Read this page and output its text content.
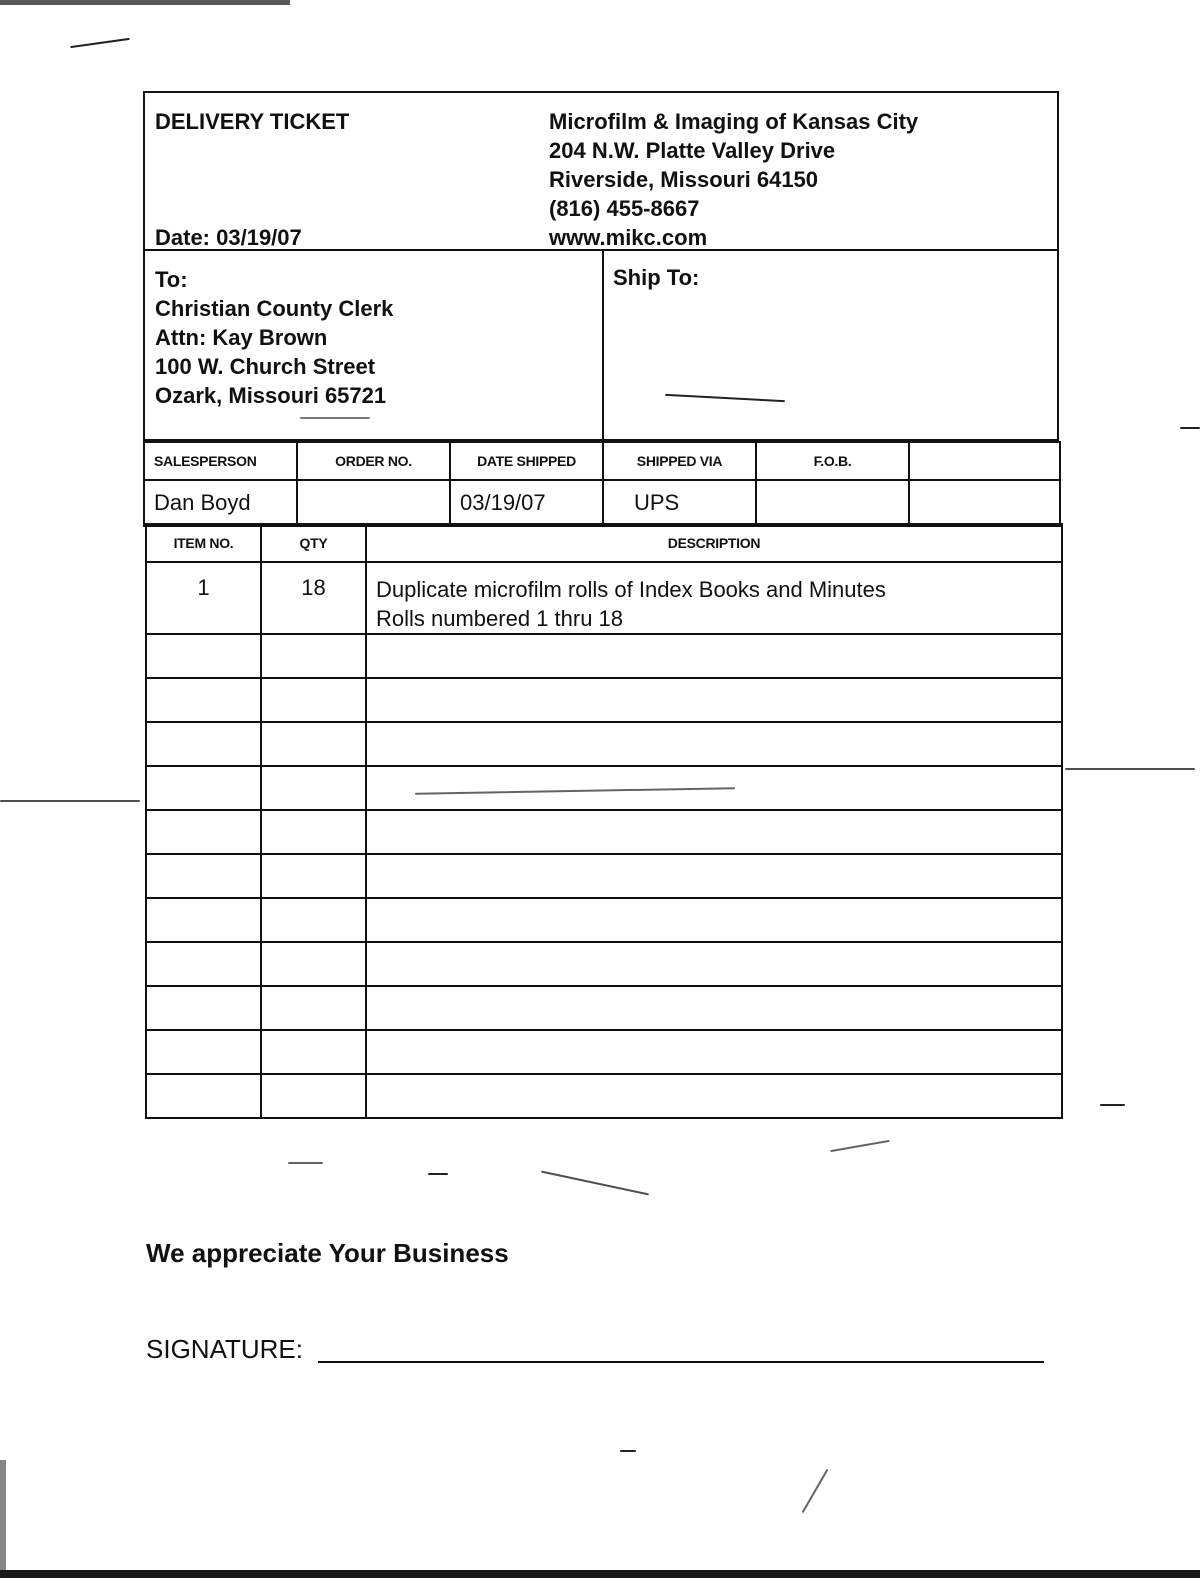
DELIVERY TICKET
Date: 03/19/07
Microfilm & Imaging of Kansas City
204 N.W. Platte Valley Drive
Riverside, Missouri 64150
(816) 455-8667
www.mikc.com
To:
Christian County Clerk
Attn: Kay Brown
100 W. Church Street
Ozark, Missouri 65721
Ship To:
SALESPERSON	ORDER NO.	DATE SHIPPED	SHIPPED VIA	F.O.B.	
Dan Boyd		03/19/07	UPS		
ITEM NO.	QTY	DESCRIPTION

1	18	Duplicate microfilm rolls of Index Books and Minutes
Rolls numbered 1 thru 18

We appreciate Your Business
SIGNATURE:
